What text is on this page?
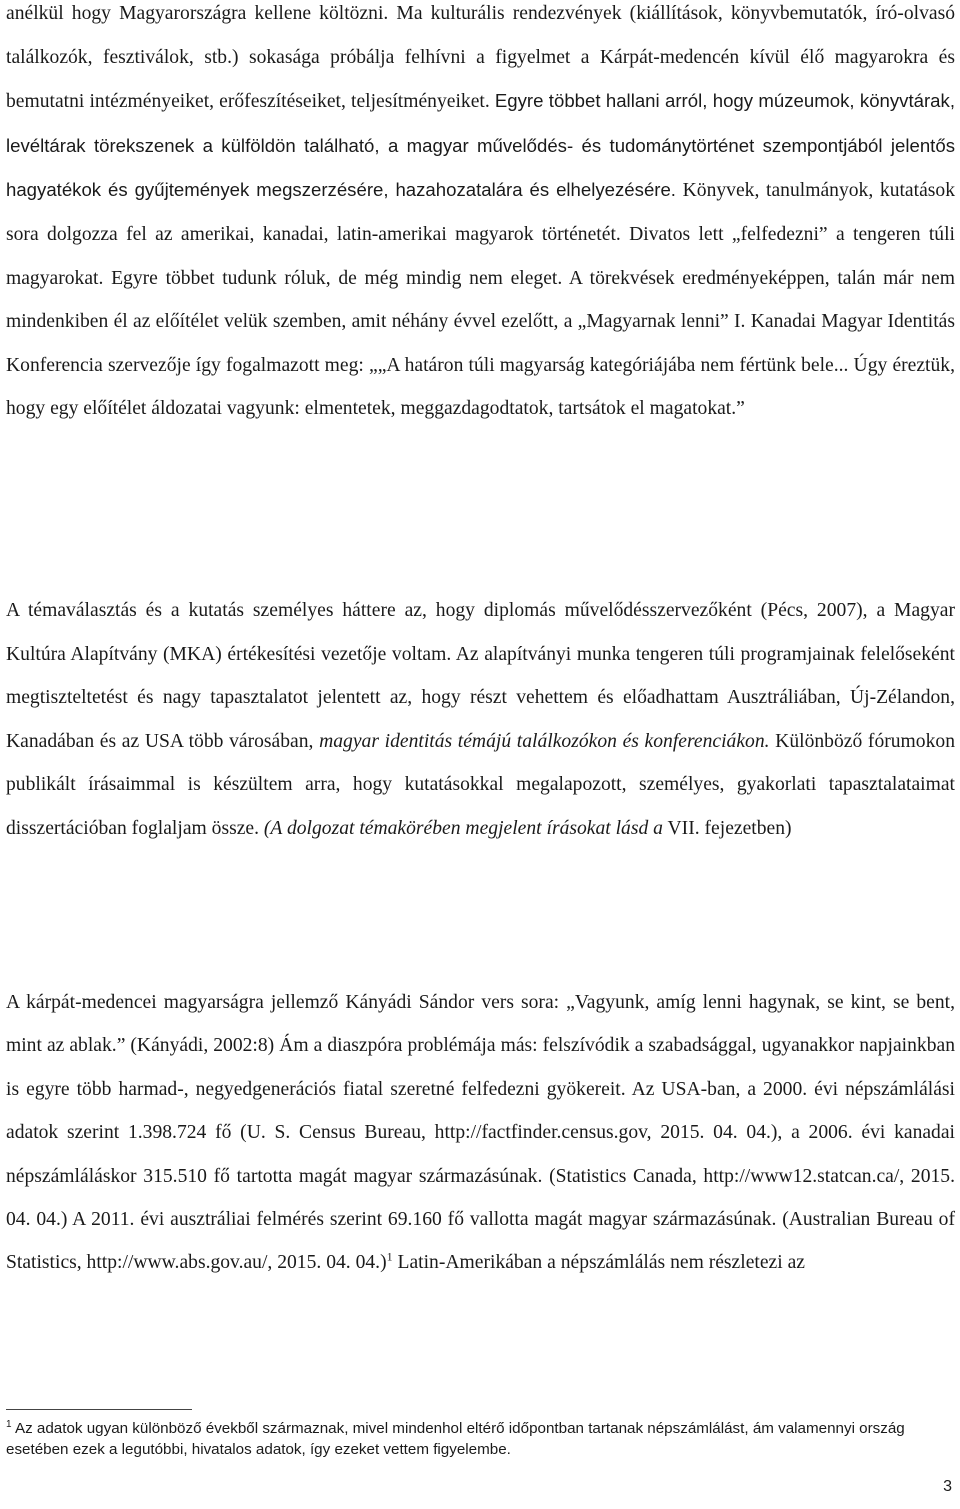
anélkül hogy Magyarországra kellene költözni. Ma kulturális rendezvények (kiállítások, könyvbemutatók, író-olvasó találkozók, fesztiválok, stb.) sokasága próbálja felhívni a figyelmet a Kárpát-medencén kívül élő magyarokra és bemutatni intézményeiket, erőfeszítéseiket, teljesítményeiket. Egyre többet hallani arról, hogy múzeumok, könyvtárak, levéltárak törekszenek a külföldön található, a magyar művelődés- és tudománytörténet szempontjából jelentős hagyatékok és gyűjtemények megszerzésére, hazahozatalára és elhelyezésére. Könyvek, tanulmányok, kutatások sora dolgozza fel az amerikai, kanadai, latin-amerikai magyarok történetét. Divatos lett „felfedezni” a tengeren túli magyarokat. Egyre többet tudunk róluk, de még mindig nem eleget. A törekvések eredményeképpen, talán már nem mindenkiben él az előítélet velük szemben, amit néhány évvel ezelőtt, a „Magyarnak lenni” I. Kanadai Magyar Identitás Konferencia szervezője így fogalmazott meg: „„A határon túli magyarság kategóriájába nem fértünk bele... Úgy éreztük, hogy egy előítélet áldozatai vagyunk: elmentetek, meggazdagodtatok, tartsátok el magatokat.”

A témaválasztás és a kutatás személyes háttere az, hogy diplomás művelődésszervezőként (Pécs, 2007), a Magyar Kultúra Alapítvány (MKA) értékesítési vezetője voltam. Az alapítványi munka tengeren túli programjainak felelőseként megtiszteltetést és nagy tapasztalatot jelentett az, hogy részt vehettem és előadhattam Ausztráliában, Új-Zélandon, Kanadában és az USA több városában, magyar identitás témájú találkozókon és konferenciákon. Különböző fórumokon publikált írásaimmal is készültem arra, hogy kutatásokkal megalapozott, személyes, gyakorlati tapasztalataimat disszertációban foglaljam össze. (A dolgozat témakörében megjelent írásokat lásd a VII. fejezetben)

A kárpát-medencei magyarságra jellemző Kányádi Sándor vers sora: „Vagyunk, amíg lenni hagynak, se kint, se bent, mint az ablak.” (Kányádi, 2002:8) Ám a diaszpóra problémája más: felszívódik a szabadsággal, ugyanakkor napjainkban is egyre több harmad-, negyedgenerációs fiatal szeretné felfedezni gyökereit. Az USA-ban, a 2000. évi népszámlálási adatok szerint 1.398.724 fő (U. S. Census Bureau, http://factfinder.census.gov, 2015. 04. 04.), a 2006. évi kanadai népszámláláskor 315.510 fő tartotta magát magyar származásúnak. (Statistics Canada, http://www12.statcan.ca/, 2015. 04. 04.) A 2011. évi ausztráliai felmérés szerint 69.160 fő vallotta magát magyar származásúnak. (Australian Bureau of Statistics, http://www.abs.gov.au/, 2015. 04. 04.)$^1$ Latin-Amerikában a népszámlálás nem részletezi az

$^1$ Az adatok ugyan különböző évekből származnak, mivel mindenhol eltérő időpontban tartanak népszámlálást, ám valamennyi ország esetében ezek a legutóbbi, hivatalos adatok, így ezeket vettem figyelembe.

3
